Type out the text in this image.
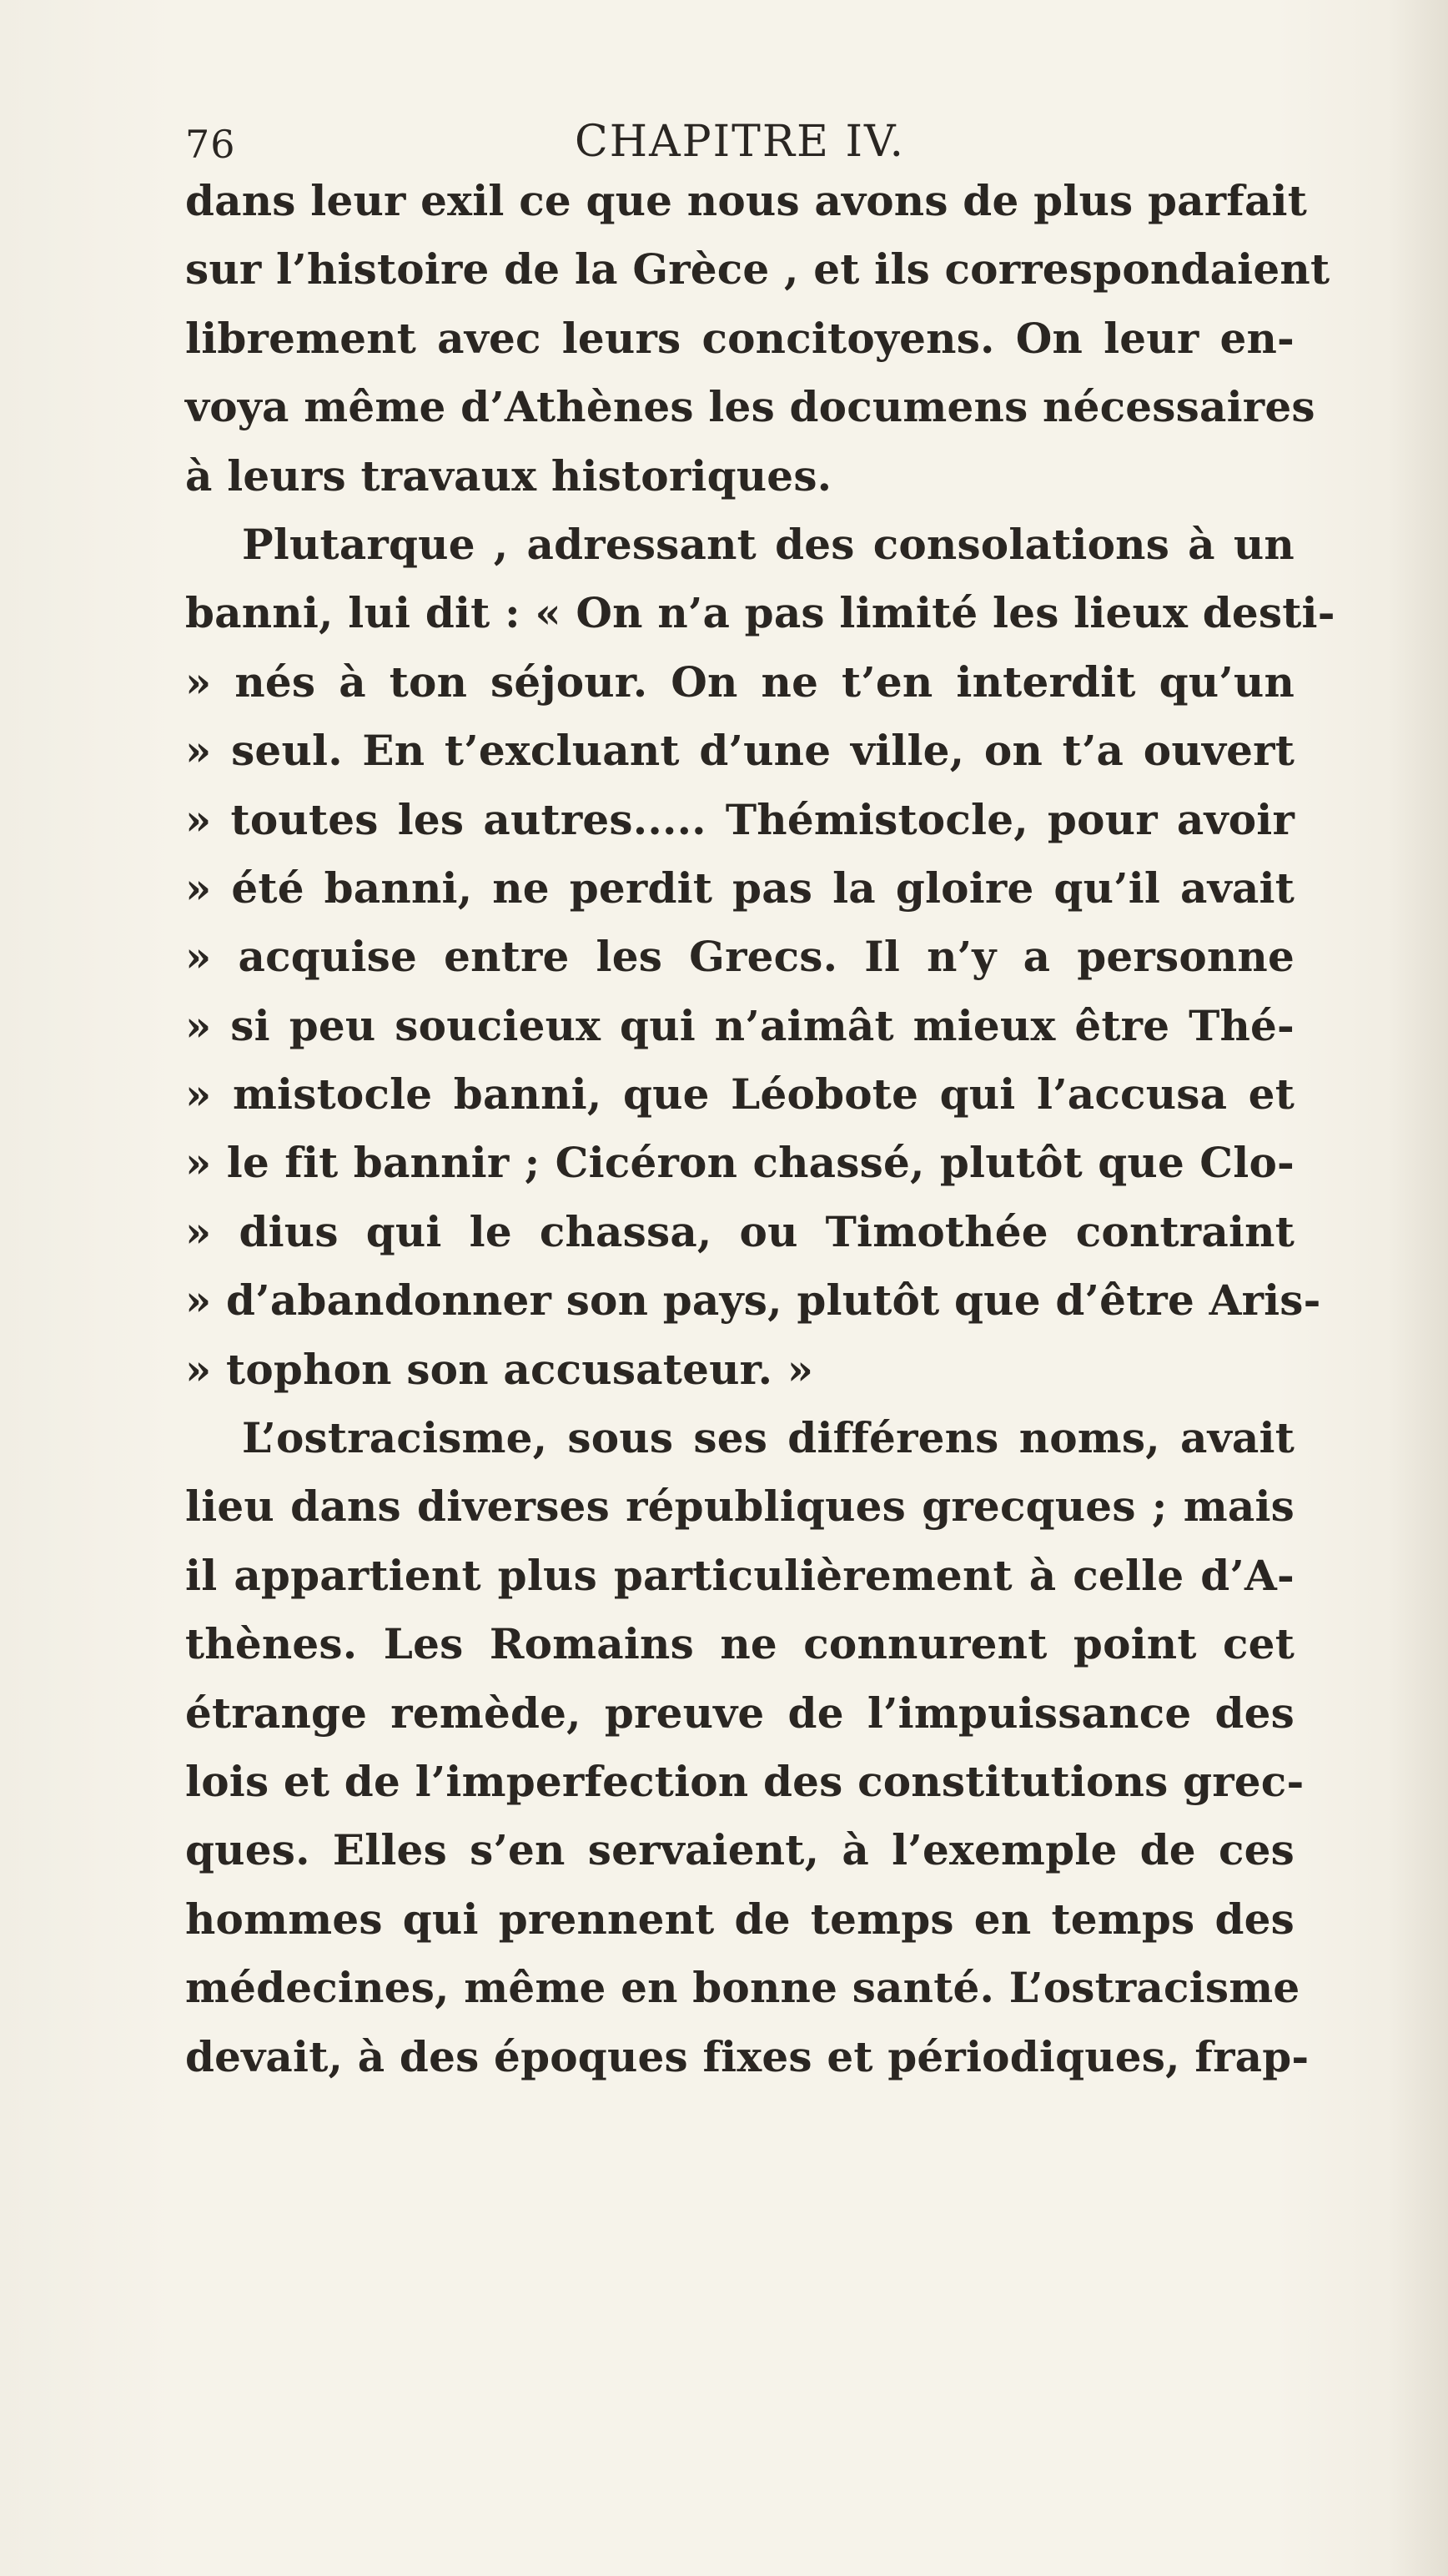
76	CHAPITRE IV.
dans leur exil ce que nous avons de plus parfait
sur l’histoire de la Grèce , et ils correspondaient
librement avec leurs concitoyens. On leur en-
voya même d’Athènes les documens nécessaires
à leurs travaux historiques.
Plutarque , adressant des consolations à un
banni, lui dit : « On n’a pas limité les lieux desti-
» nés à ton séjour. On ne t’en interdit qu’un
» seul. En t’excluant d’une ville, on t’a ouvert
» toutes les autres..... Thémistocle, pour avoir
» été banni, ne perdit pas la gloire qu’il avait
» acquise entre les Grecs. Il n’y a personne
» si peu soucieux qui n’aimât mieux être Thé-
» mistocle banni, que Léobote qui l’accusa et
» le fit bannir ; Cicéron chassé, plutôt que Clo-
» dius qui le chassa, ou Timothée contraint
» d’abandonner son pays, plutôt que d’être Aris-
» tophon son accusateur. »
L’ostracisme, sous ses différens noms, avait
lieu dans diverses républiques grecques ; mais
il appartient plus particulièrement à celle d’A-
thènes. Les Romains ne connurent point cet
étrange remède, preuve de l’impuissance des
lois et de l’imperfection des constitutions grec-
ques. Elles s’en servaient, à l’exemple de ces
hommes qui prennent de temps en temps des
médecines, même en bonne santé. L’ostracisme
devait, à des époques fixes et périodiques, frap-
